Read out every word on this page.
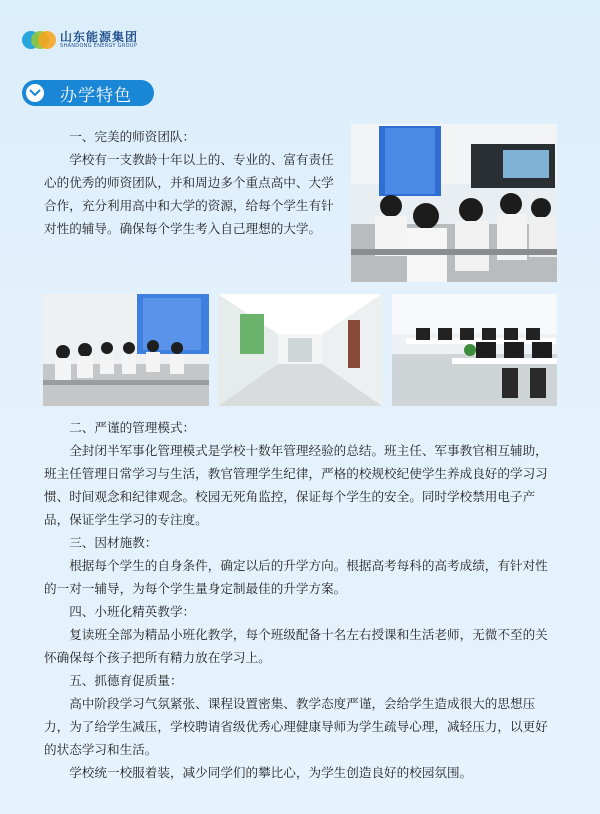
山东能源集团
SHANDONG ENERGY GROUP
办学特色

一、完美的师资团队：

学校有一支教龄十年以上的、专业的、富有责任心的优秀的师资团队，并和周边多个重点高中、大学合作，充分利用高中和大学的资源，给每个学生有针对性的辅导。确保每个学生考入自己理想的大学。

二、严谨的管理模式：

全封闭半军事化管理模式是学校十数年管理经验的总结。班主任、军事教官相互辅助，班主任管理日常学习与生活，教官管理学生纪律，严格的校规校纪使学生养成良好的学习习惯、时间观念和纪律观念。校园无死角监控，保证每个学生的安全。同时学校禁用电子产品，保证学生学习的专注度。

三、因材施教：

根据每个学生的自身条件，确定以后的升学方向。根据高考每科的高考成绩，有针对性的一对一辅导，为每个学生量身定制最佳的升学方案。

四、小班化精英教学：

复读班全部为精品小班化教学，每个班级配备十名左右授课和生活老师，无微不至的关怀确保每个孩子把所有精力放在学习上。

五、抓德育促质量：

高中阶段学习气氛紧张、课程设置密集、教学态度严谨，会给学生造成很大的思想压力，为了给学生减压，学校聘请省级优秀心理健康导师为学生疏导心理，减轻压力，以更好的状态学习和生活。

学校统一校服着装，减少同学们的攀比心，为学生创造良好的校园氛围。
